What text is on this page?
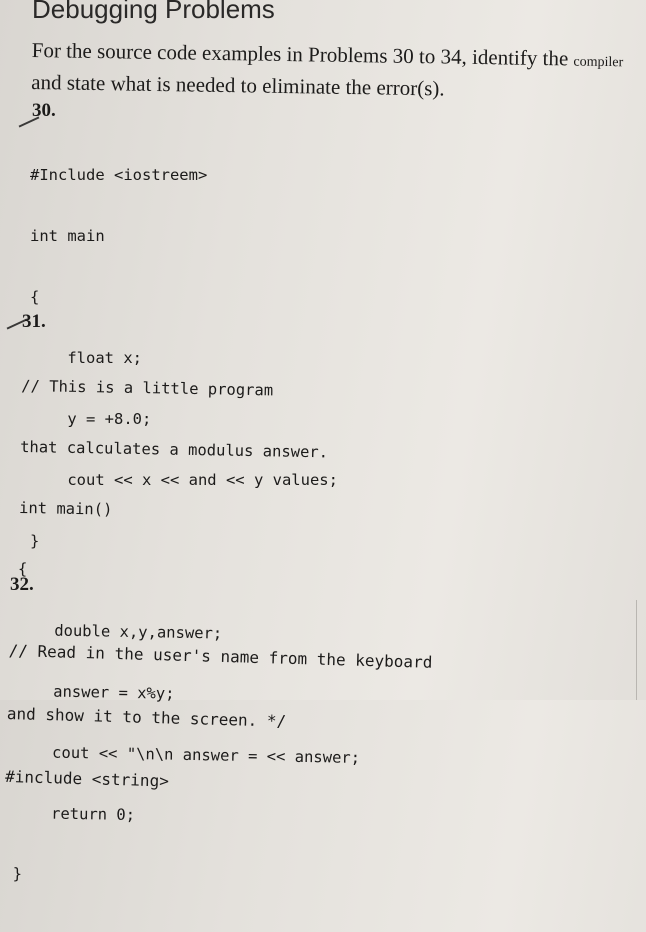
Debugging Problems
For the source code examples in Problems 30 to 34, identify the compiler
and state what is needed to eliminate the error(s).
30.

#Include <iostreem>

int main

{

float x;

y = +8.0;

cout << x << and << y values;

}

31.

// This is a little program

that calculates a modulus answer.

int main()

{

double x,y,answer;

answer = x%y;

cout << "\n\n answer = << answer;

return 0;

}

32.

// Read in the user's name from the keyboard

and show it to the screen. */

#include <string>
